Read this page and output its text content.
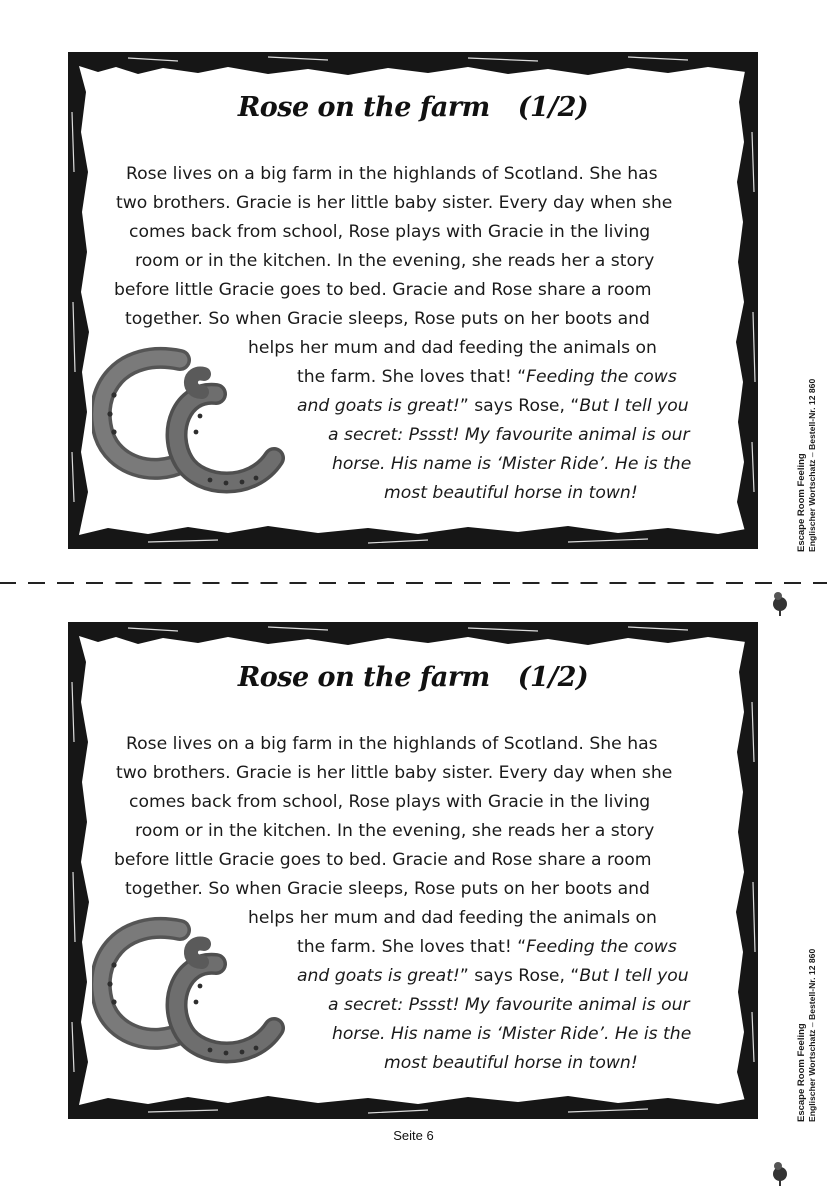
Rose on the farm (1/2)
Rose lives on a big farm in the highlands of Scotland. She has
two brothers. Gracie is her little baby sister. Every day when she
comes back from school, Rose plays with Gracie in the living
room or in the kitchen. In the evening, she reads her a story
before little Gracie goes to bed. Gracie and Rose share a room
together. So when Gracie sleeps, Rose puts on her boots and
helps her mum and dad feeding the animals on
the farm. She loves that! “Feeding the cows
and goats is great!” says Rose, “But I tell you
a secret: Pssst! My favourite animal is our
horse. His name is ‘Mister Ride’. He is the
most beautiful horse in town!	Escape Room Feeling Englischer Wortschatz – Bestell-Nr. 12 860
Rose on the farm (1/2)
Rose lives on a big farm in the highlands of Scotland. She has
two brothers. Gracie is her little baby sister. Every day when she
comes back from school, Rose plays with Gracie in the living
room or in the kitchen. In the evening, she reads her a story
before little Gracie goes to bed. Gracie and Rose share a room
together. So when Gracie sleeps, Rose puts on her boots and
helps her mum and dad feeding the animals on
the farm. She loves that! “Feeding the cows
and goats is great!” says Rose, “But I tell you
a secret: Pssst! My favourite animal is our
horse. His name is ‘Mister Ride’. He is the
most beautiful horse in town!	Escape Room Feeling Englischer Wortschatz – Bestell-Nr. 12 860
Seite 6
